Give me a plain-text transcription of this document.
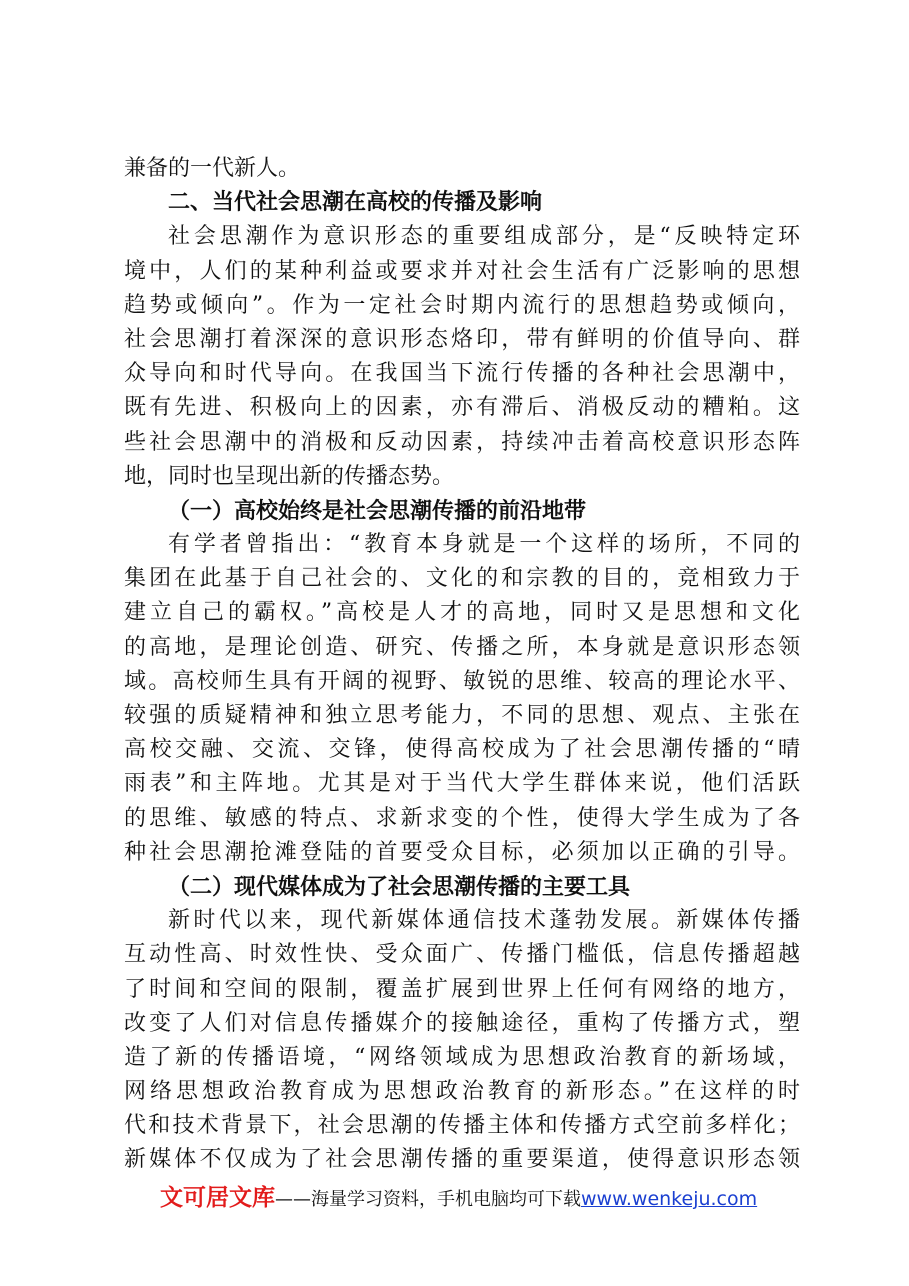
兼备的一代新人。
二、当代社会思潮在高校的传播及影响
社会思潮作为意识形态的重要组成部分，是“反映特定环
境中，人们的某种利益或要求并对社会生活有广泛影响的思想
趋势或倾向”。作为一定社会时期内流行的思想趋势或倾向，
社会思潮打着深深的意识形态烙印，带有鲜明的价值导向、群
众导向和时代导向。在我国当下流行传播的各种社会思潮中，
既有先进、积极向上的因素，亦有滞后、消极反动的糟粕。这
些社会思潮中的消极和反动因素，持续冲击着高校意识形态阵
地，同时也呈现出新的传播态势。
（一）高校始终是社会思潮传播的前沿地带
有学者曾指出：“教育本身就是一个这样的场所，不同的
集团在此基于自己社会的、文化的和宗教的目的，竞相致力于
建立自己的霸权。”高校是人才的高地，同时又是思想和文化
的高地，是理论创造、研究、传播之所，本身就是意识形态领
域。高校师生具有开阔的视野、敏锐的思维、较高的理论水平、
较强的质疑精神和独立思考能力，不同的思想、观点、主张在
高校交融、交流、交锋，使得高校成为了社会思潮传播的“晴
雨表”和主阵地。尤其是对于当代大学生群体来说，他们活跃
的思维、敏感的特点、求新求变的个性，使得大学生成为了各
种社会思潮抢滩登陆的首要受众目标，必须加以正确的引导。
（二）现代媒体成为了社会思潮传播的主要工具
新时代以来，现代新媒体通信技术蓬勃发展。新媒体传播
互动性高、时效性快、受众面广、传播门槛低，信息传播超越
了时间和空间的限制，覆盖扩展到世界上任何有网络的地方，
改变了人们对信息传播媒介的接触途径，重构了传播方式，塑
造了新的传播语境，“网络领域成为思想政治教育的新场域，
网络思想政治教育成为思想政治教育的新形态。”在这样的时
代和技术背景下，社会思潮的传播主体和传播方式空前多样化；
新媒体不仅成为了社会思潮传播的重要渠道，使得意识形态领
文可居文库——海量学习资料，手机电脑均可下载www.wenkeju.com
